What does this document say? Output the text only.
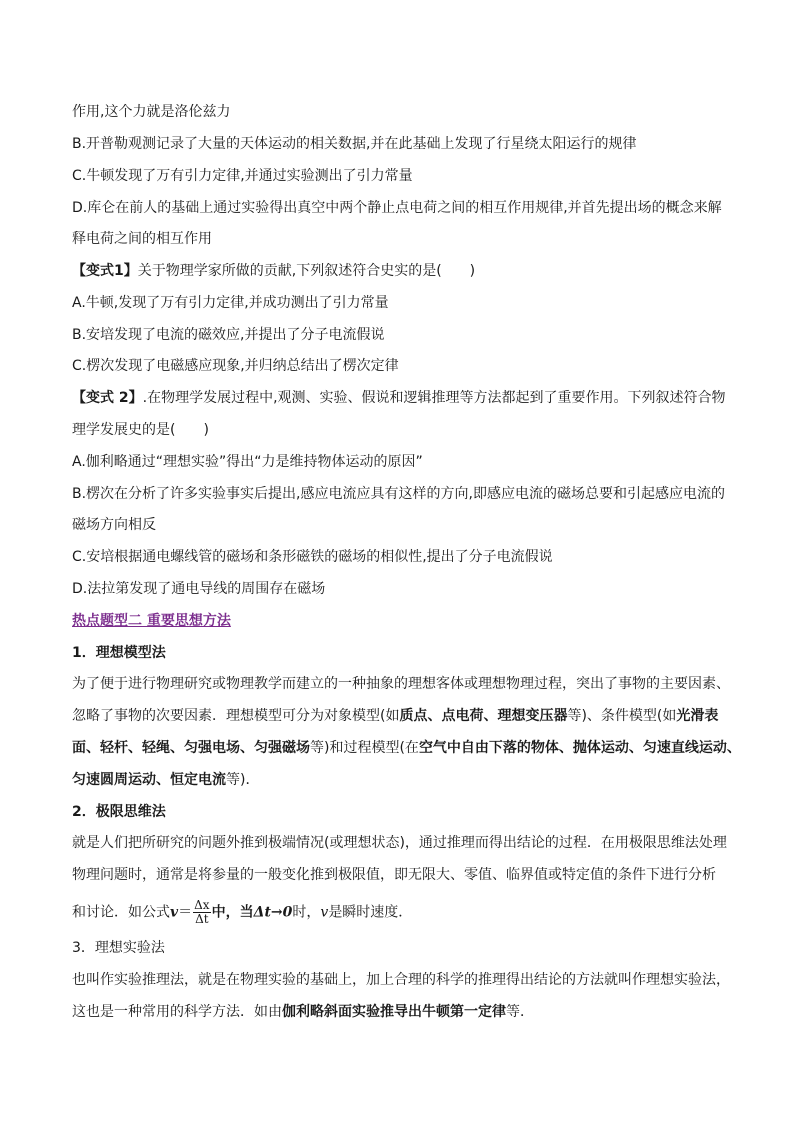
作用,这个力就是洛伦兹力
B.开普勒观测记录了大量的天体运动的相关数据,并在此基础上发现了行星绕太阳运行的规律
C.牛顿发现了万有引力定律,并通过实验测出了引力常量
D.库仑在前人的基础上通过实验得出真空中两个静止点电荷之间的相互作用规律,并首先提出场的概念来解
释电荷之间的相互作用
【变式1】关于物理学家所做的贡献,下列叙述符合史实的是(　　)
A.牛顿,发现了万有引力定律,并成功测出了引力常量
B.安培发现了电流的磁效应,并提出了分子电流假说
C.楞次发现了电磁感应现象,并归纳总结出了楞次定律
【变式 2】.在物理学发展过程中,观测、实验、假说和逻辑推理等方法都起到了重要作用。下列叙述符合物
理学发展史的是(　　)
A.伽利略通过“理想实验”得出“力是维持物体运动的原因”
B.楞次在分析了许多实验事实后提出,感应电流应具有这样的方向,即感应电流的磁场总要和引起感应电流的
磁场方向相反
C.安培根据通电螺线管的磁场和条形磁铁的磁场的相似性,提出了分子电流假说
D.法拉第发现了通电导线的周围存在磁场
热点题型二 重要思想方法
1．理想模型法
为了便于进行物理研究或物理教学而建立的一种抽象的理想客体或理想物理过程，突出了事物的主要因素、
忽略了事物的次要因素．理想模型可分为对象模型(如质点、点电荷、理想变压器等)、条件模型(如光滑表
面、轻杆、轻绳、匀强电场、匀强磁场等)和过程模型(在空气中自由下落的物体、抛体运动、匀速直线运动、
匀速圆周运动、恒定电流等)．
2．极限思维法
就是人们把所研究的问题外推到极端情况(或理想状态)，通过推理而得出结论的过程．在用极限思维法处理
物理问题时，通常是将参量的一般变化推到极限值，即无限大、零值、临界值或特定值的条件下进行分析
和讨论．如公式$v= \frac{\Delta x}{\Delta t}$ 中，当Δt→0时，v是瞬时速度．
3．理想实验法
也叫作实验推理法，就是在物理实验的基础上，加上合理的科学的推理得出结论的方法就叫作理想实验法，
这也是一种常用的科学方法．如由伽利略斜面实验推导出牛顿第一定律等．
